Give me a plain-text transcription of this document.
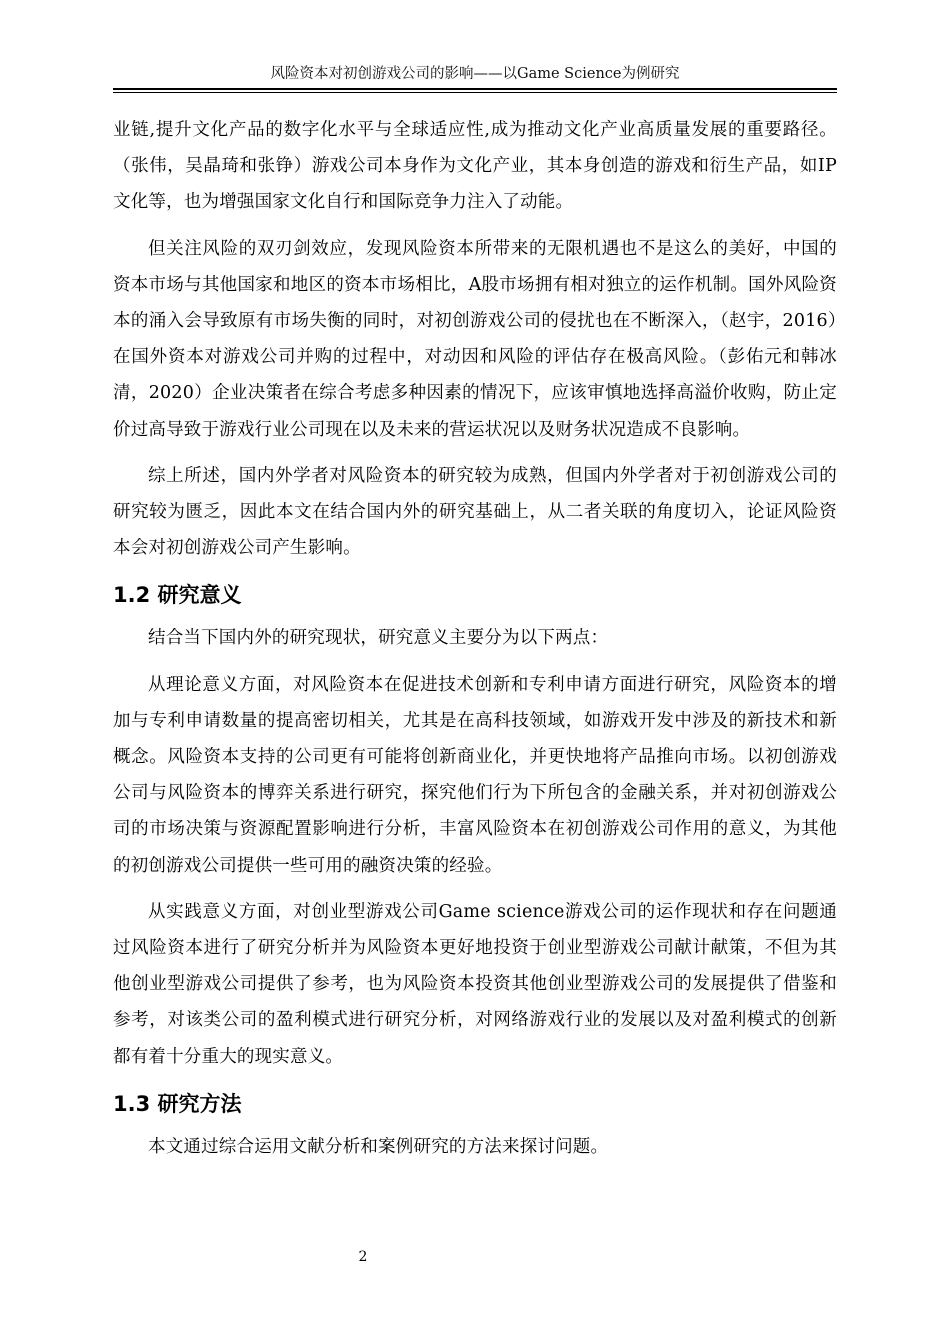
风险资本对初创游戏公司的影响——以Game Science为例研究

业链,提升文化产品的数字化水平与全球适应性,成为推动文化产业高质量发展的重要路径。（张伟，吴晶琦和张铮）游戏公司本身作为文化产业，其本身创造的游戏和衍生产品，如IP文化等，也为增强国家文化自行和国际竞争力注入了动能。

但关注风险的双刃剑效应，发现风险资本所带来的无限机遇也不是这么的美好，中国的资本市场与其他国家和地区的资本市场相比，A股市场拥有相对独立的运作机制。国外风险资本的涌入会导致原有市场失衡的同时，对初创游戏公司的侵扰也在不断深入，（赵宇，2016）在国外资本对游戏公司并购的过程中，对动因和风险的评估存在极高风险。（彭佑元和韩冰清，2020）企业决策者在综合考虑多种因素的情况下，应该审慎地选择高溢价收购，防止定价过高导致于游戏行业公司现在以及未来的营运状况以及财务状况造成不良影响。

综上所述，国内外学者对风险资本的研究较为成熟，但国内外学者对于初创游戏公司的研究较为匮乏，因此本文在结合国内外的研究基础上，从二者关联的角度切入，论证风险资本会对初创游戏公司产生影响。

1.2 研究意义

结合当下国内外的研究现状，研究意义主要分为以下两点：

从理论意义方面，对风险资本在促进技术创新和专利申请方面进行研究，风险资本的增加与专利申请数量的提高密切相关，尤其是在高科技领域，如游戏开发中涉及的新技术和新概念。风险资本支持的公司更有可能将创新商业化，并更快地将产品推向市场。以初创游戏公司与风险资本的博弈关系进行研究，探究他们行为下所包含的金融关系，并对初创游戏公司的市场决策与资源配置影响进行分析，丰富风险资本在初创游戏公司作用的意义，为其他的初创游戏公司提供一些可用的融资决策的经验。

从实践意义方面，对创业型游戏公司Game science游戏公司的运作现状和存在问题通过风险资本进行了研究分析并为风险资本更好地投资于创业型游戏公司献计献策，不但为其他创业型游戏公司提供了参考，也为风险资本投资其他创业型游戏公司的发展提供了借鉴和参考，对该类公司的盈利模式进行研究分析，对网络游戏行业的发展以及对盈利模式的创新都有着十分重大的现实意义。

1.3 研究方法

本文通过综合运用文献分析和案例研究的方法来探讨问题。

2
